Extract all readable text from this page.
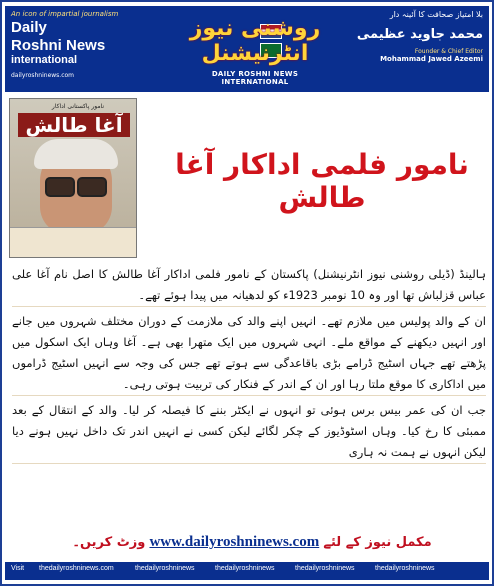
An icon of impartial journalism
Daily
Roshni News
international
dailyroshninews.com

روشنی نیوز انٹرنیشنل
DAILY ROSHNI NEWS INTERNATIONAL
بلا امتیاز صحافت کا آئینہ دار
محمد جاوید عظیمی
Founder & Chief Editor
Mohammad Jawed Azeemi
نامور پاکستانی اداکار
آغا طالش
نامور فلمی اداکار آغا طالش

ہالینڈ (ڈیلی روشنی نیوز انٹرنیشنل) پاکستان کے نامور فلمی اداکار آغا طالش کا اصل نام آغا علی عباس قزلباش تھا اور وہ 10 نومبر 1923ء کو لدھیانہ میں پیدا ہوئے تھے۔

ان کے والد پولیس میں ملازم تھے۔ انہیں اپنے والد کی ملازمت کے دوران مختلف شہروں میں جانے اور انہیں دیکھنے کے مواقع ملے۔ انہی شہروں میں ایک متھرا بھی ہے۔ آغا وہاں ایک اسکول میں پڑھتے تھے جہاں اسٹیج ڈرامے بڑی باقاعدگی سے ہوتے تھے جس کی وجہ سے انہیں اسٹیج ڈراموں میں اداکاری کا موقع ملتا رہا اور ان کے اندر کے فنکار کی تربیت ہوتی رہی۔

جب ان کی عمر بیس برس ہوئی تو انہوں نے ایکٹر بننے کا فیصلہ کر لیا۔ والد کے انتقال کے بعد ممبئی کا رخ کیا۔ وہاں اسٹوڈیوز کے چکر لگائے لیکن کسی نے انہیں اندر تک داخل نہیں ہونے دیا لیکن انہوں نے ہمت نہ ہاری

مکمل نیوز کے لئے www.dailyroshninews.com وزٹ کریں۔
Visit thedailyroshninews.com	thedailyroshninews	thedailyroshninews	thedailyroshninews	thedailyroshninews
